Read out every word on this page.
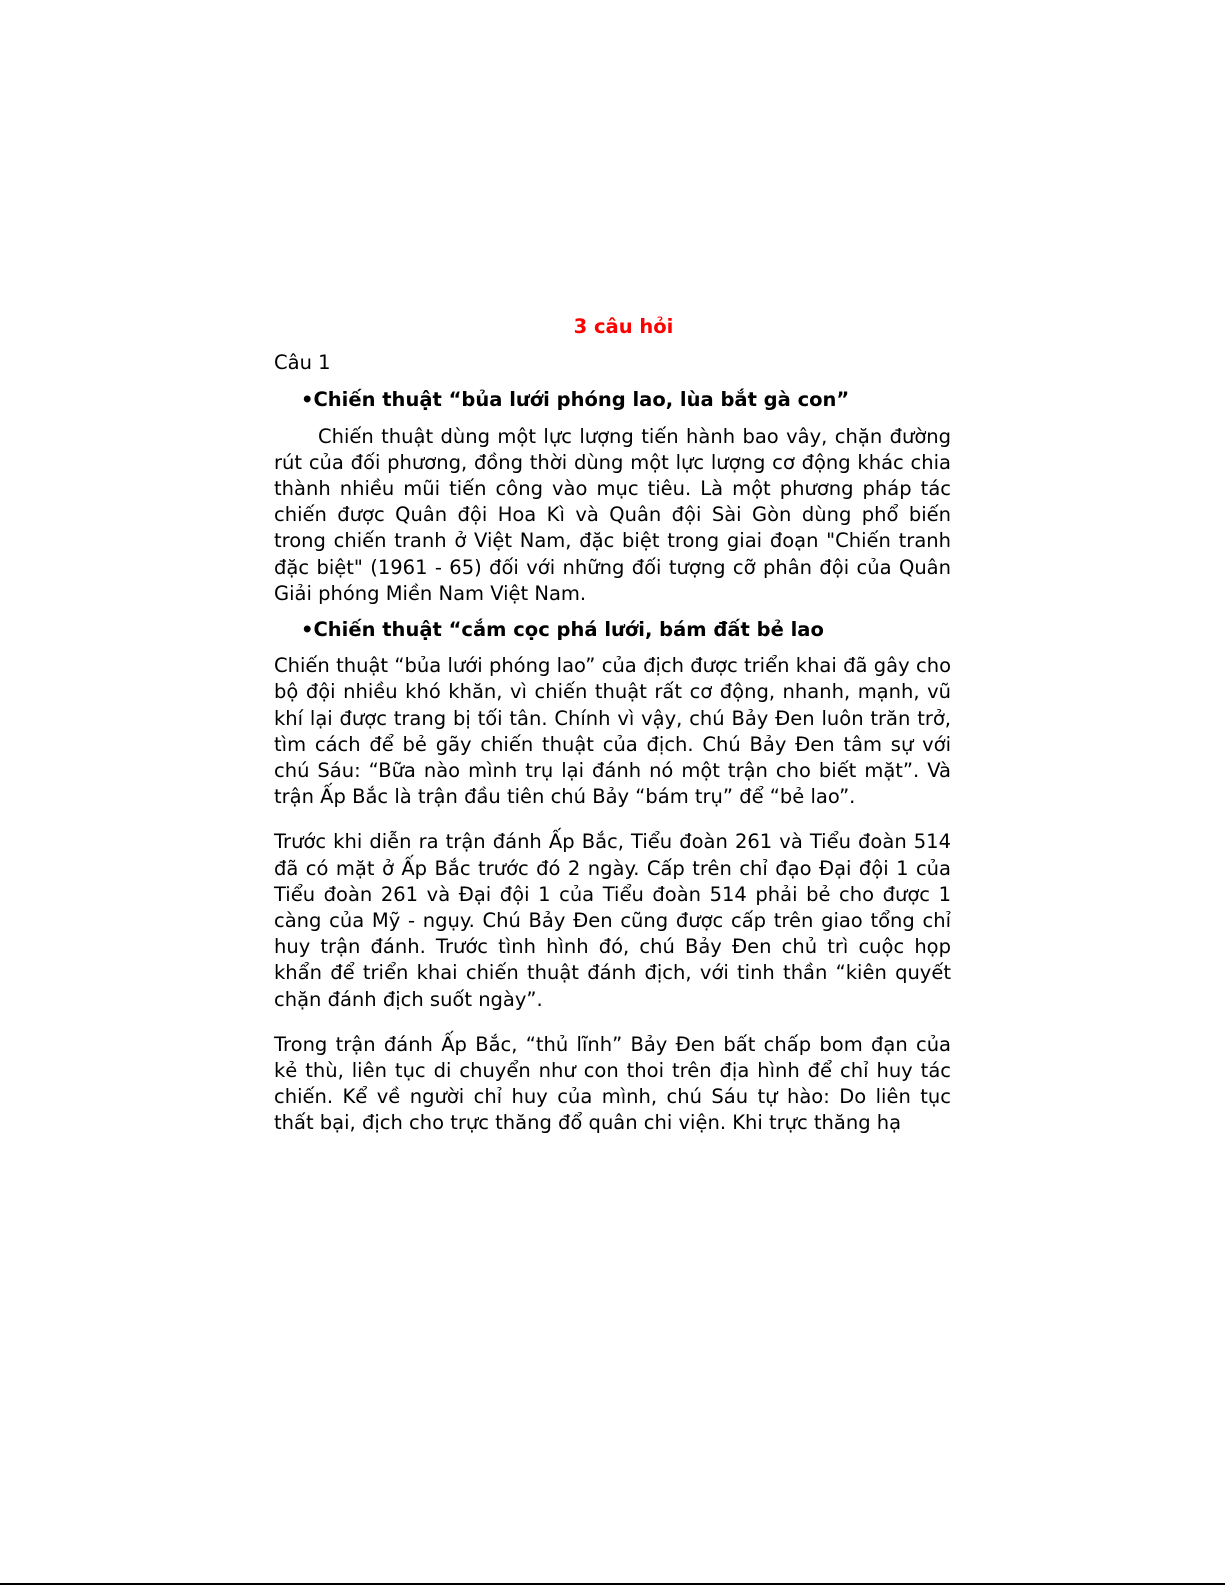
3 câu hỏi
Câu 1
•Chiến thuật “bủa lưới phóng lao, lùa bắt gà con”
Chiến thuật dùng một lực lượng tiến hành bao vây, chặn đường rút của đối phương, đồng thời dùng một lực lượng cơ động khác chia thành nhiều mũi tiến công vào mục tiêu. Là một phương pháp tác chiến được Quân đội Hoa Kì và Quân đội Sài Gòn dùng phổ biến trong chiến tranh ở Việt Nam, đặc biệt trong giai đoạn "Chiến tranh đặc biệt" (1961 - 65) đối với những đối tượng cỡ phân đội của Quân Giải phóng Miền Nam Việt Nam.
•Chiến thuật “cắm cọc phá lưới, bám đất bẻ lao
Chiến thuật “bủa lưới phóng lao” của địch được triển khai đã gây cho bộ đội nhiều khó khăn, vì chiến thuật rất cơ động, nhanh, mạnh, vũ khí lại được trang bị tối tân. Chính vì vậy, chú Bảy Đen luôn trăn trở, tìm cách để bẻ gãy chiến thuật của địch. Chú Bảy Đen tâm sự với chú Sáu: “Bữa nào mình trụ lại đánh nó một trận cho biết mặt”. Và trận Ấp Bắc là trận đầu tiên chú Bảy “bám trụ” để “bẻ lao”.
Trước khi diễn ra trận đánh Ấp Bắc, Tiểu đoàn 261 và Tiểu đoàn 514 đã có mặt ở Ấp Bắc trước đó 2 ngày. Cấp trên chỉ đạo Đại đội 1 của Tiểu đoàn 261 và Đại đội 1 của Tiểu đoàn 514 phải bẻ cho được 1 càng của Mỹ - ngụy. Chú Bảy Đen cũng được cấp trên giao tổng chỉ huy trận đánh. Trước tình hình đó, chú Bảy Đen chủ trì cuộc họp khẩn để triển khai chiến thuật đánh địch, với tinh thần “kiên quyết chặn đánh địch suốt ngày”.
Trong trận đánh Ấp Bắc, “thủ lĩnh” Bảy Đen bất chấp bom đạn của kẻ thù, liên tục di chuyển như con thoi trên địa hình để chỉ huy tác chiến. Kể về người chỉ huy của mình, chú Sáu tự hào: Do liên tục thất bại, địch cho trực thăng đổ quân chi viện. Khi trực thăng hạ
